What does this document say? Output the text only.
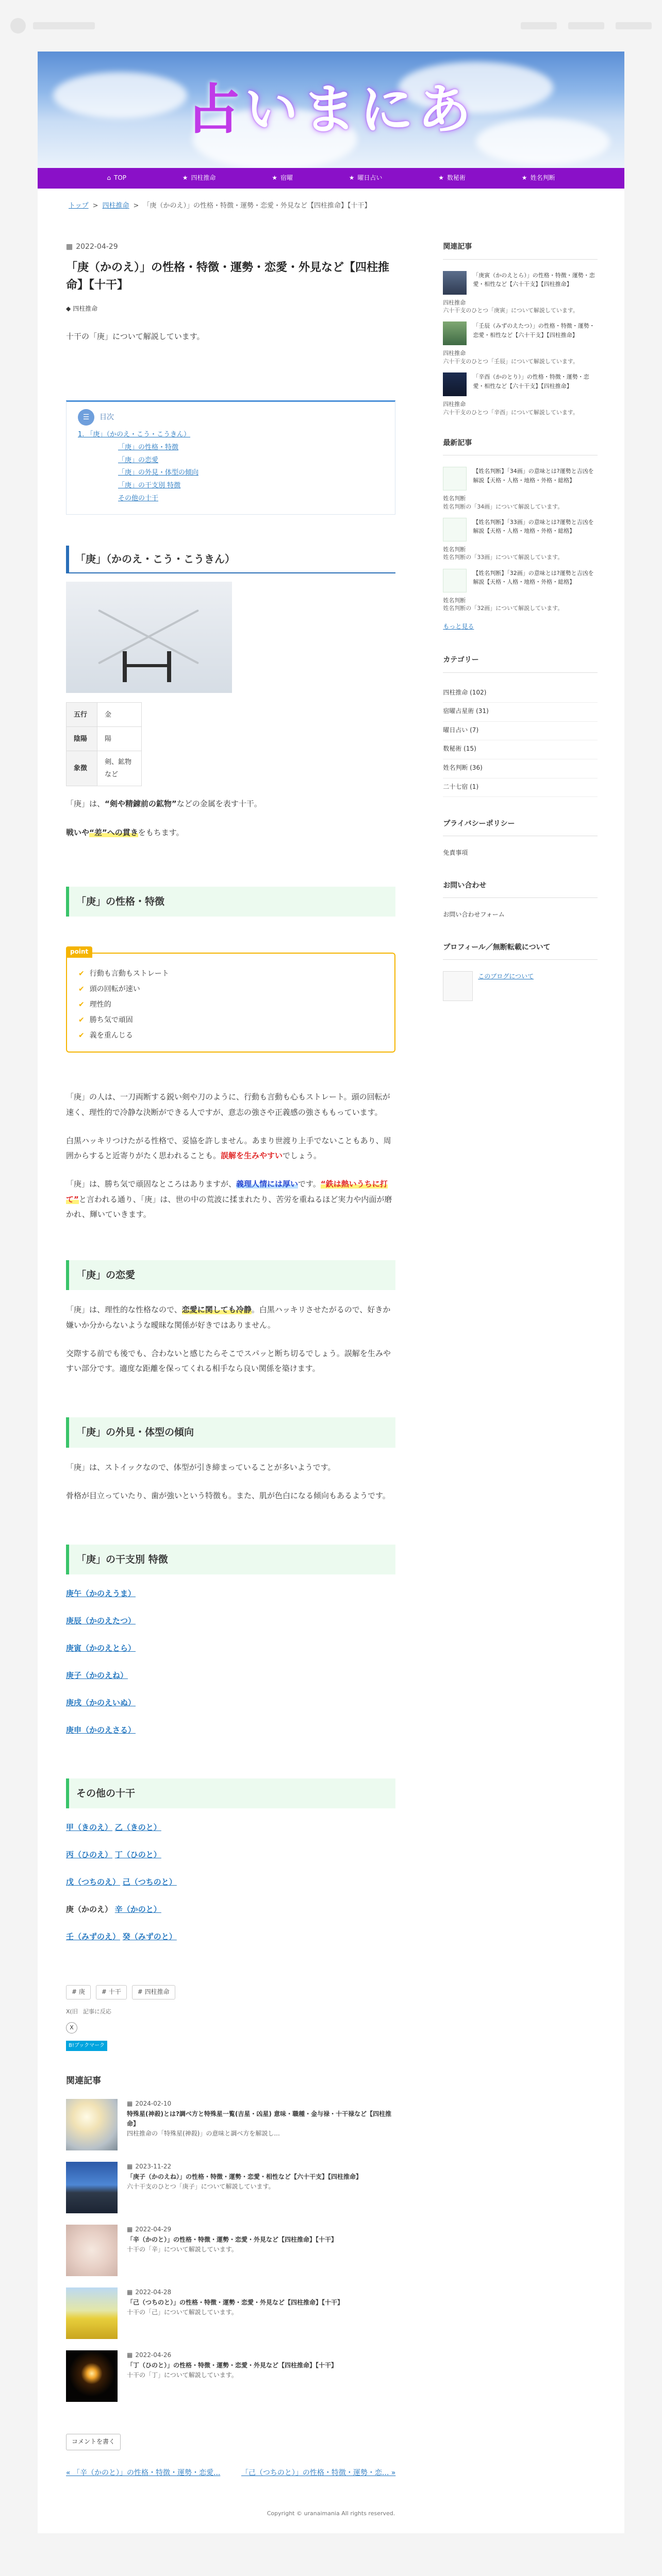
占いまにあ
⌂ TOP	★ 四柱推命	★ 宿曜	★ 曜日占い	★ 数秘術	★ 姓名判断
トップ > 四柱推命 > 「庚（かのえ）」の性格・特徴・運勢・恋愛・外見など【四柱推命】【十干】
▦ 2022-04-29
「庚（かのえ）」の性格・特徴・運勢・恋愛・外見など【四柱推命】【十干】
◆ 四柱推命

十干の「庚」について解説しています。

☰	目次
1. 「庚」（かのえ・こう・こうきん）
「庚」の性格・特徴
「庚」の恋愛
「庚」の外見・体型の傾向
「庚」の干支別 特徴
その他の十干
「庚」（かのえ・こう・こうきん）
五行	金
陰陽	陽
象徴	剣、鉱物など

「庚」は、“剣や精錬前の鉱物”などの金属を表す十干。

戦いや“差”への貫きをもちます。

「庚」の性格・特徴
point
✔ 行動も言動もストレート
✔ 頭の回転が速い
✔ 理性的
✔ 勝ち気で頑固
✔ 義を重んじる

「庚」の人は、一刀両断する鋭い剣や刀のように、行動も言動も心もストレート。頭の回転が速く、理性的で冷静な決断ができる人ですが、意志の強さや正義感の強さももっています。

白黒ハッキリつけたがる性格で、妥協を許しません。あまり世渡り上手でないこともあり、周囲からすると近寄りがたく思われることも。誤解を生みやすいでしょう。

「庚」は、勝ち気で頑固なところはありますが、義理人情には厚いです。“鉄は熱いうちに打て”と言われる通り、「庚」は、世の中の荒波に揉まれたり、苦労を重ねるほど実力や内面が磨かれ、輝いていきます。

「庚」の恋愛

「庚」は、理性的な性格なので、恋愛に関しても冷静。白黒ハッキリさせたがるので、好きか嫌いか分からないような曖昧な関係が好きではありません。

交際する前でも後でも、合わないと感じたらそこでスパッと断ち切るでしょう。誤解を生みやすい部分です。適度な距離を保ってくれる相手なら良い関係を築けます。

「庚」の外見・体型の傾向

「庚」は、ストイックなので、体型が引き締まっていることが多いようです。

骨格が目立っていたり、歯が強いという特徴も。また、肌が色白になる傾向もあるようです。

「庚」の干支別 特徴

庚午（かのえうま）

庚辰（かのえたつ）

庚寅（かのえとら）

庚子（かのえね）

庚戌（かのえいぬ）

庚申（かのえさる）

その他の十干

甲（きのえ） 乙（きのと）

丙（ひのえ） 丁（ひのと）

戊（つちのえ） 己（つちのと）

庚（かのえ） 辛（かのと）

壬（みずのえ） 癸（みずのと）

# 庚	# 十干	# 四柱推命
X(旧 記事に反応
X
B!ブックマーク
関連記事
▦ 2024-02-10
特殊星(神殺)とは?調べ方と特殊星一覧(吉星・凶星) 意味・職種・金与禄・十干禄など【四柱推命】
四柱推命の「特殊星(神殺)」の意味と調べ方を解説し...
▦ 2023-11-22
「庚子（かのえね）」の性格・特徴・運勢・恋愛・相性など【六十干支】【四柱推命】
六十干支のひとつ「庚子」について解説しています。
▦ 2022-04-29
「辛（かのと）」の性格・特徴・運勢・恋愛・外見など【四柱推命】【十干】
十干の「辛」について解説しています。
▦ 2022-04-28
「己（つちのと）」の性格・特徴・運勢・恋愛・外見など【四柱推命】【十干】
十干の「己」について解説しています。
▦ 2022-04-26
「丁（ひのと）」の性格・特徴・運勢・恋愛・外見など【四柱推命】【十干】
十干の「丁」について解説しています。
コメントを書く
« 「辛（かのと）」の性格・特徴・運勢・恋愛...	「己（つちのと）」の性格・特徴・運勢・恋... »
関連記事
「庚寅（かのえとら）」の性格・特徴・運勢・恋愛・相性など【六十干支】【四柱推命】
四柱推命
六十干支のひとつ「庚寅」について解説しています。
「壬辰（みずのえたつ）」の性格・特徴・運勢・恋愛・相性など【六十干支】【四柱推命】
四柱推命
六十干支のひとつ「壬辰」について解説しています。
「辛酉（かのとり）」の性格・特徴・運勢・恋愛・相性など【六十干支】【四柱推命】
四柱推命
六十干支のひとつ「辛酉」について解説しています。
最新記事
【姓名判断】「34画」の意味とは?運勢と吉凶を解説【天格・人格・地格・外格・総格】
姓名判断
姓名判断の「34画」について解説しています。
【姓名判断】「33画」の意味とは?運勢と吉凶を解説【天格・人格・地格・外格・総格】
姓名判断
姓名判断の「33画」について解説しています。
【姓名判断】「32画」の意味とは?運勢と吉凶を解説【天格・人格・地格・外格・総格】
姓名判断
姓名判断の「32画」について解説しています。
もっと見る
カテゴリー
四柱推命 (102)
宿曜占星術 (31)
曜日占い (7)
数秘術 (15)
姓名判断 (36)
二十七宿 (1)
プライバシーポリシー
免責事項
お問い合わせ
お問い合わせフォーム
プロフィール／無断転載について
このブログについて
Copyright © uranaimania All rights reserved.
